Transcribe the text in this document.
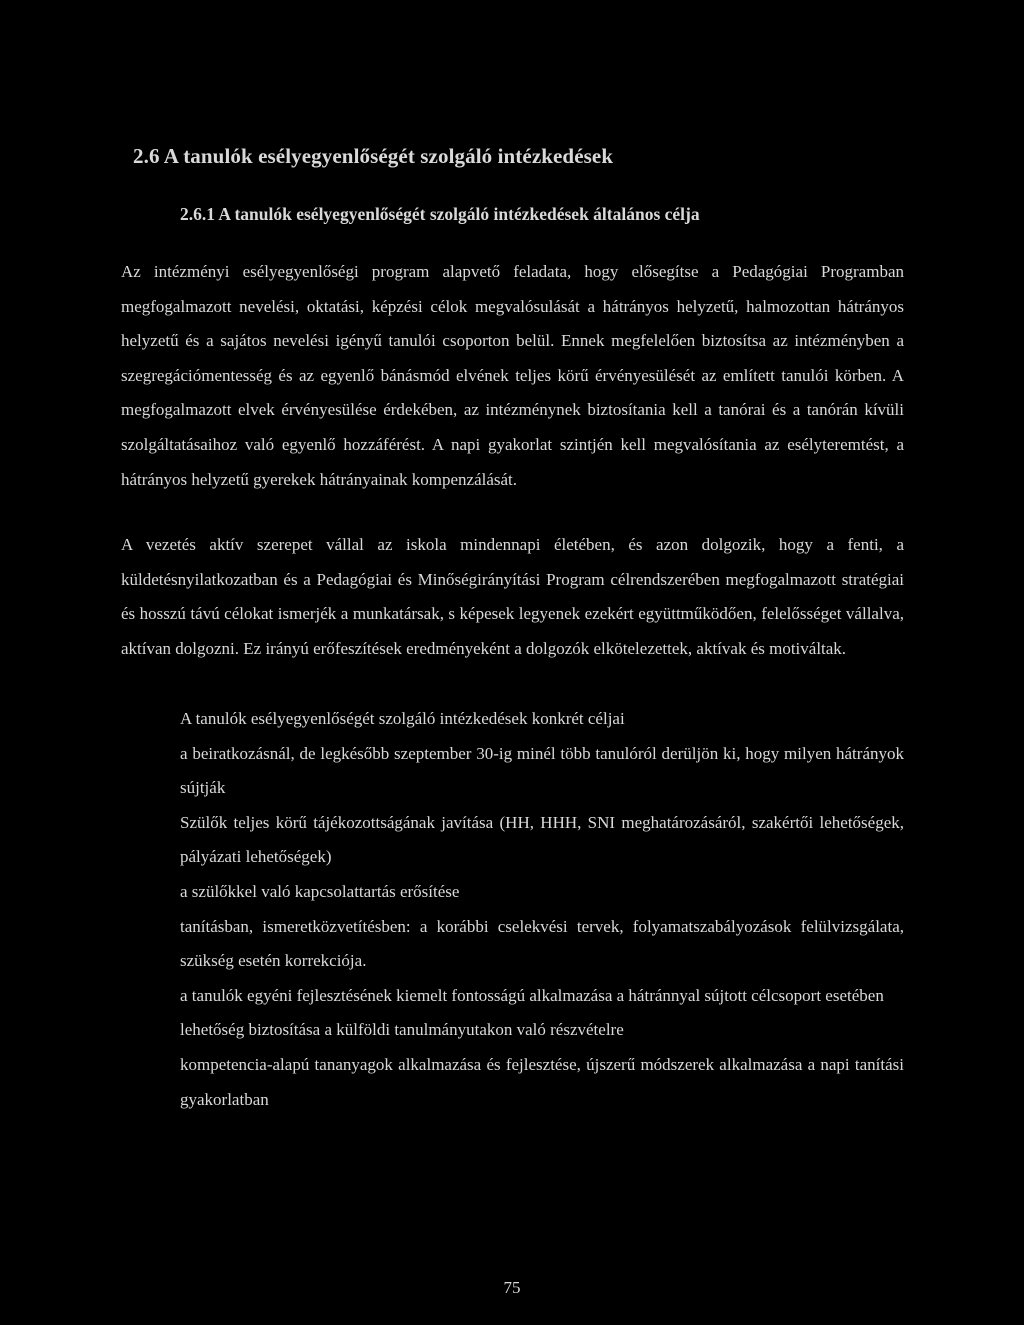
2.6 A tanulók esélyegyenlőségét szolgáló intézkedések
2.6.1 A tanulók esélyegyenlőségét szolgáló intézkedések általános célja

Az intézményi esélyegyenlőségi program alapvető feladata, hogy elősegítse a Pedagógiai Programban megfogalmazott nevelési, oktatási, képzési célok megvalósulását a hátrányos helyzetű, halmozottan hátrányos helyzetű és a sajátos nevelési igényű tanulói csoporton belül. Ennek megfelelően biztosítsa az intézményben a szegregációmentesség és az egyenlő bánásmód elvének teljes körű érvényesülését az említett tanulói körben. A megfogalmazott elvek érvényesülése érdekében, az intézménynek biztosítania kell a tanórai és a tanórán kívüli szolgáltatásaihoz való egyenlő hozzáférést. A napi gyakorlat szintjén kell megvalósítania az esélyteremtést, a hátrányos helyzetű gyerekek hátrányainak kompenzálását.

A vezetés aktív szerepet vállal az iskola mindennapi életében, és azon dolgozik, hogy a fenti, a küldetésnyilatkozatban és a Pedagógiai és Minőségirányítási Program célrendszerében megfogalmazott stratégiai és hosszú távú célokat ismerjék a munkatársak, s képesek legyenek ezekért együttműködően, felelősséget vállalva, aktívan dolgozni. Ez irányú erőfeszítések eredményeként a dolgozók elkötelezettek, aktívak és motiváltak.

A tanulók esélyegyenlőségét szolgáló intézkedések konkrét céljai

a beiratkozásnál, de legkésőbb szeptember 30-ig minél több tanulóról derüljön ki, hogy milyen hátrányok sújtják

Szülők teljes körű tájékozottságának javítása (HH, HHH, SNI meghatározásáról, szakértői lehetőségek, pályázati lehetőségek)

a szülőkkel való kapcsolattartás erősítése

tanításban, ismeretközvetítésben: a korábbi cselekvési tervek, folyamatszabályozások felülvizsgálata, szükség esetén korrekciója.

a tanulók egyéni fejlesztésének kiemelt fontosságú alkalmazása a hátránnyal sújtott célcsoport esetében

lehetőség biztosítása a külföldi tanulmányutakon való részvételre

kompetencia-alapú tananyagok alkalmazása és fejlesztése, újszerű módszerek alkalmazása a napi tanítási gyakorlatban

75
